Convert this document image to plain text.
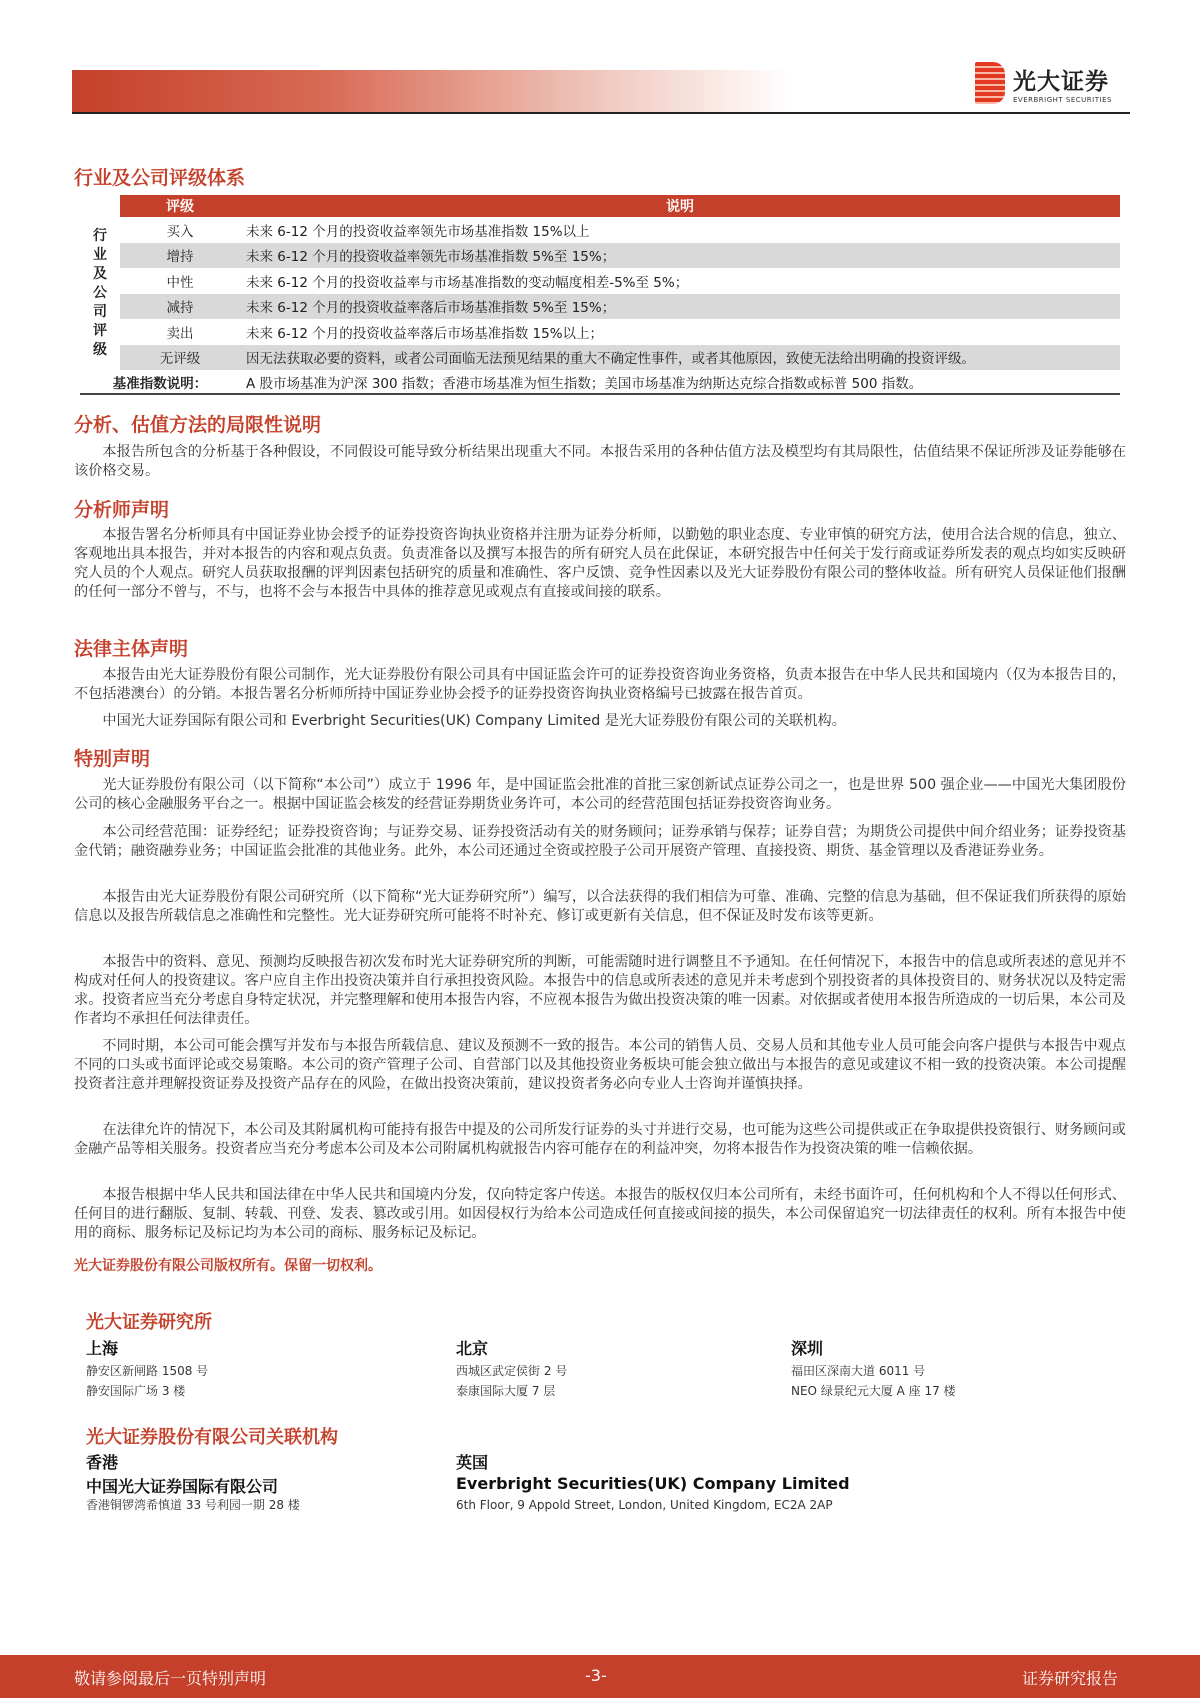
光大证券
EVERBRIGHT SECURITIES
行业及公司评级体系
	评级	说明
行业及公司评级	买入	未来 6-12 个月的投资收益率领先市场基准指数 15%以上
	增持	未来 6-12 个月的投资收益率领先市场基准指数 5%至 15%；
	中性	未来 6-12 个月的投资收益率与市场基准指数的变动幅度相差-5%至 5%；
	减持	未来 6-12 个月的投资收益率落后市场基准指数 5%至 15%；
	卖出	未来 6-12 个月的投资收益率落后市场基准指数 15%以上；
	无评级	因无法获取必要的资料，或者公司面临无法预见结果的重大不确定性事件，或者其他原因，致使无法给出明确的投资评级。
基准指数说明：		A 股市场基准为沪深 300 指数；香港市场基准为恒生指数；美国市场基准为纳斯达克综合指数或标普 500 指数。
分析、估值方法的局限性说明

本报告所包含的分析基于各种假设，不同假设可能导致分析结果出现重大不同。本报告采用的各种估值方法及模型均有其局限性，估值结果不保证所涉及证券能够在该价格交易。

分析师声明

本报告署名分析师具有中国证券业协会授予的证券投资咨询执业资格并注册为证券分析师，以勤勉的职业态度、专业审慎的研究方法，使用合法合规的信息，独立、客观地出具本报告，并对本报告的内容和观点负责。负责准备以及撰写本报告的所有研究人员在此保证，本研究报告中任何关于发行商或证券所发表的观点均如实反映研究人员的个人观点。研究人员获取报酬的评判因素包括研究的质量和准确性、客户反馈、竞争性因素以及光大证券股份有限公司的整体收益。所有研究人员保证他们报酬的任何一部分不曾与，不与，也将不会与本报告中具体的推荐意见或观点有直接或间接的联系。

法律主体声明

本报告由光大证券股份有限公司制作，光大证券股份有限公司具有中国证监会许可的证券投资咨询业务资格，负责本报告在中华人民共和国境内（仅为本报告目的，不包括港澳台）的分销。本报告署名分析师所持中国证券业协会授予的证券投资咨询执业资格编号已披露在报告首页。

中国光大证券国际有限公司和 Everbright Securities(UK) Company Limited 是光大证券股份有限公司的关联机构。

特别声明

光大证券股份有限公司（以下简称“本公司”）成立于 1996 年，是中国证监会批准的首批三家创新试点证券公司之一，也是世界 500 强企业——中国光大集团股份公司的核心金融服务平台之一。根据中国证监会核发的经营证券期货业务许可，本公司的经营范围包括证券投资咨询业务。

本公司经营范围：证券经纪；证券投资咨询；与证券交易、证券投资活动有关的财务顾问；证券承销与保荐；证券自营；为期货公司提供中间介绍业务；证券投资基金代销；融资融券业务；中国证监会批准的其他业务。此外，本公司还通过全资或控股子公司开展资产管理、直接投资、期货、基金管理以及香港证券业务。

本报告由光大证券股份有限公司研究所（以下简称“光大证券研究所”）编写，以合法获得的我们相信为可靠、准确、完整的信息为基础，但不保证我们所获得的原始信息以及报告所载信息之准确性和完整性。光大证券研究所可能将不时补充、修订或更新有关信息，但不保证及时发布该等更新。

本报告中的资料、意见、预测均反映报告初次发布时光大证券研究所的判断，可能需随时进行调整且不予通知。在任何情况下，本报告中的信息或所表述的意见并不构成对任何人的投资建议。客户应自主作出投资决策并自行承担投资风险。本报告中的信息或所表述的意见并未考虑到个别投资者的具体投资目的、财务状况以及特定需求。投资者应当充分考虑自身特定状况，并完整理解和使用本报告内容，不应视本报告为做出投资决策的唯一因素。对依据或者使用本报告所造成的一切后果，本公司及作者均不承担任何法律责任。

不同时期，本公司可能会撰写并发布与本报告所载信息、建议及预测不一致的报告。本公司的销售人员、交易人员和其他专业人员可能会向客户提供与本报告中观点不同的口头或书面评论或交易策略。本公司的资产管理子公司、自营部门以及其他投资业务板块可能会独立做出与本报告的意见或建议不相一致的投资决策。本公司提醒投资者注意并理解投资证券及投资产品存在的风险，在做出投资决策前，建议投资者务必向专业人士咨询并谨慎抉择。

在法律允许的情况下，本公司及其附属机构可能持有报告中提及的公司所发行证券的头寸并进行交易，也可能为这些公司提供或正在争取提供投资银行、财务顾问或金融产品等相关服务。投资者应当充分考虑本公司及本公司附属机构就报告内容可能存在的利益冲突，勿将本报告作为投资决策的唯一信赖依据。

本报告根据中华人民共和国法律在中华人民共和国境内分发，仅向特定客户传送。本报告的版权仅归本公司所有，未经书面许可，任何机构和个人不得以任何形式、任何目的进行翻版、复制、转载、刊登、发表、篡改或引用。如因侵权行为给本公司造成任何直接或间接的损失，本公司保留追究一切法律责任的权利。所有本报告中使用的商标、服务标记及标记均为本公司的商标、服务标记及标记。

光大证券股份有限公司版权所有。保留一切权利。
光大证券研究所
上海
静安区新闸路 1508 号
静安国际广场 3 楼
北京
西城区武定侯街 2 号
泰康国际大厦 7 层
深圳
福田区深南大道 6011 号
NEO 绿景纪元大厦 A 座 17 楼
光大证券股份有限公司关联机构
香港
中国光大证券国际有限公司
香港铜锣湾希慎道 33 号利园一期 28 楼
英国
Everbright Securities(UK) Company Limited
6th Floor, 9 Appold Street, London, United Kingdom, EC2A 2AP
敬请参阅最后一页特别声明	-3-	证券研究报告
